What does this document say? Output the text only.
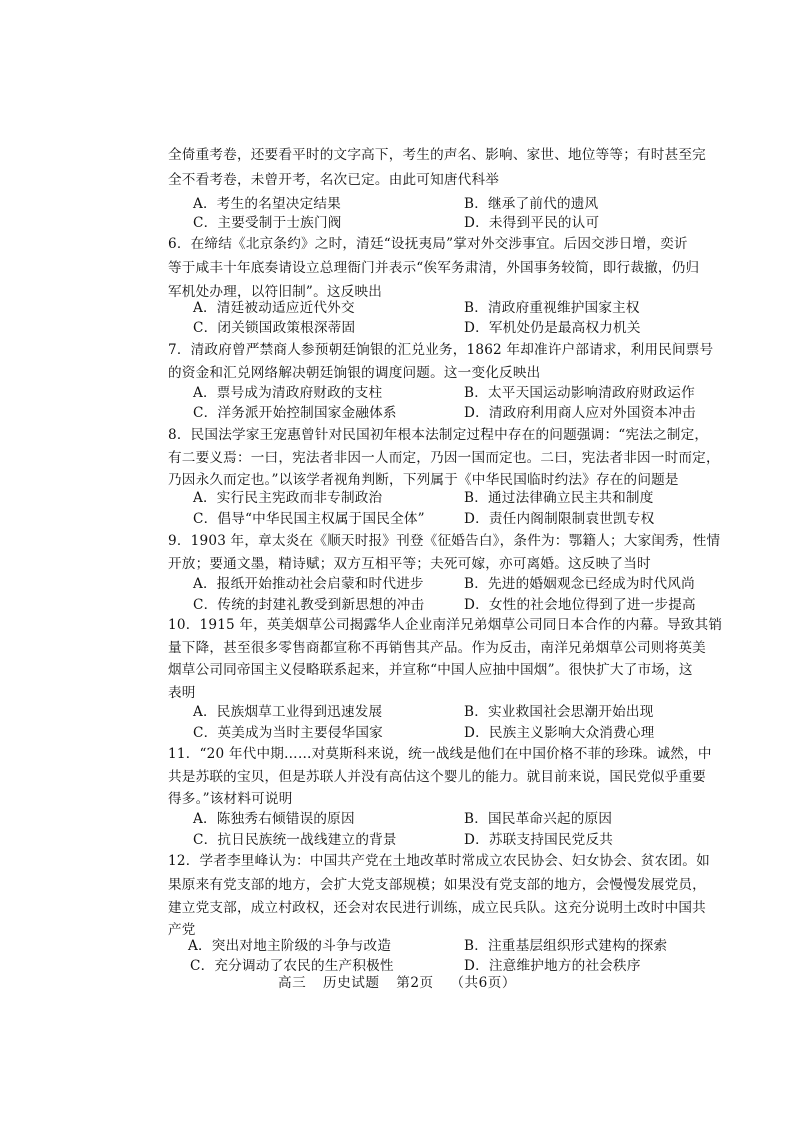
全倚重考卷，还要看平时的文字高下，考生的声名、影响、家世、地位等等；有时甚至完
全不看考卷，未曾开考，名次已定。由此可知唐代科举
A．考生的名望决定结果	B．继承了前代的遗风
C．主要受制于士族门阀	D．未得到平民的认可
6．在缔结《北京条约》之时，清廷“设抚夷局”掌对外交涉事宜。后因交涉日增，奕䜣
等于咸丰十年底奏请设立总理衙门并表示“俟军务肃清，外国事务较简，即行裁撤，仍归
军机处办理，以符旧制”。这反映出
A．清廷被动适应近代外交	B．清政府重视维护国家主权
C．闭关锁国政策根深蒂固	D．军机处仍是最高权力机关
7．清政府曾严禁商人参预朝廷饷银的汇兑业务，1862 年却准许户部请求，利用民间票号
的资金和汇兑网络解决朝廷饷银的调度问题。这一变化反映出
A．票号成为清政府财政的支柱	B．太平天国运动影响清政府财政运作
C．洋务派开始控制国家金融体系	D．清政府利用商人应对外国资本冲击
8．民国法学家王宠惠曾针对民国初年根本法制定过程中存在的问题强调：“宪法之制定，
有二要义焉：一曰，宪法者非因一人而定，乃因一国而定也。二曰，宪法者非因一时而定，
乃因永久而定也。”以该学者视角判断，下列属于《中华民国临时约法》存在的问题是
A．实行民主宪政而非专制政治	B．通过法律确立民主共和制度
C．倡导“中华民国主权属于国民全体”	D．责任内阁制限制袁世凯专权
9．1903 年，章太炎在《顺天时报》刊登《征婚告白》，条件为：鄂籍人；大家闺秀，性情
开放；要通文墨，精诗赋；双方互相平等；夫死可嫁，亦可离婚。这反映了当时
A．报纸开始推动社会启蒙和时代进步	B．先进的婚姻观念已经成为时代风尚
C．传统的封建礼教受到新思想的冲击	D．女性的社会地位得到了进一步提高
10．1915 年，英美烟草公司揭露华人企业南洋兄弟烟草公司同日本合作的内幕。导致其销
量下降，甚至很多零售商都宣称不再销售其产品。作为反击，南洋兄弟烟草公司则将英美
烟草公司同帝国主义侵略联系起来，并宣称“中国人应抽中国烟”。很快扩大了市场，这
表明
A．民族烟草工业得到迅速发展	B．实业救国社会思潮开始出现
C．英美成为当时主要侵华国家	D．民族主义影响大众消费心理
11．“20 年代中期……对莫斯科来说，统一战线是他们在中国价格不菲的珍珠。诚然，中
共是苏联的宝贝，但是苏联人并没有高估这个婴儿的能力。就目前来说，国民党似乎重要
得多。”该材料可说明
A．陈独秀右倾错误的原因	B．国民革命兴起的原因
C．抗日民族统一战线建立的背景	D．苏联支持国民党反共
12．学者李里峰认为：中国共产党在土地改革时常成立农民协会、妇女协会、贫农团。如
果原来有党支部的地方，会扩大党支部规模；如果没有党支部的地方，会慢慢发展党员，
建立党支部，成立村政权，还会对农民进行训练，成立民兵队。这充分说明土改时中国共
产党
A．突出对地主阶级的斗争与改造	B．注重基层组织形式建构的探索
C．充分调动了农民的生产积极性	D．注意维护地方的社会秩序
高三 历史试题 第2页 （共6页）
